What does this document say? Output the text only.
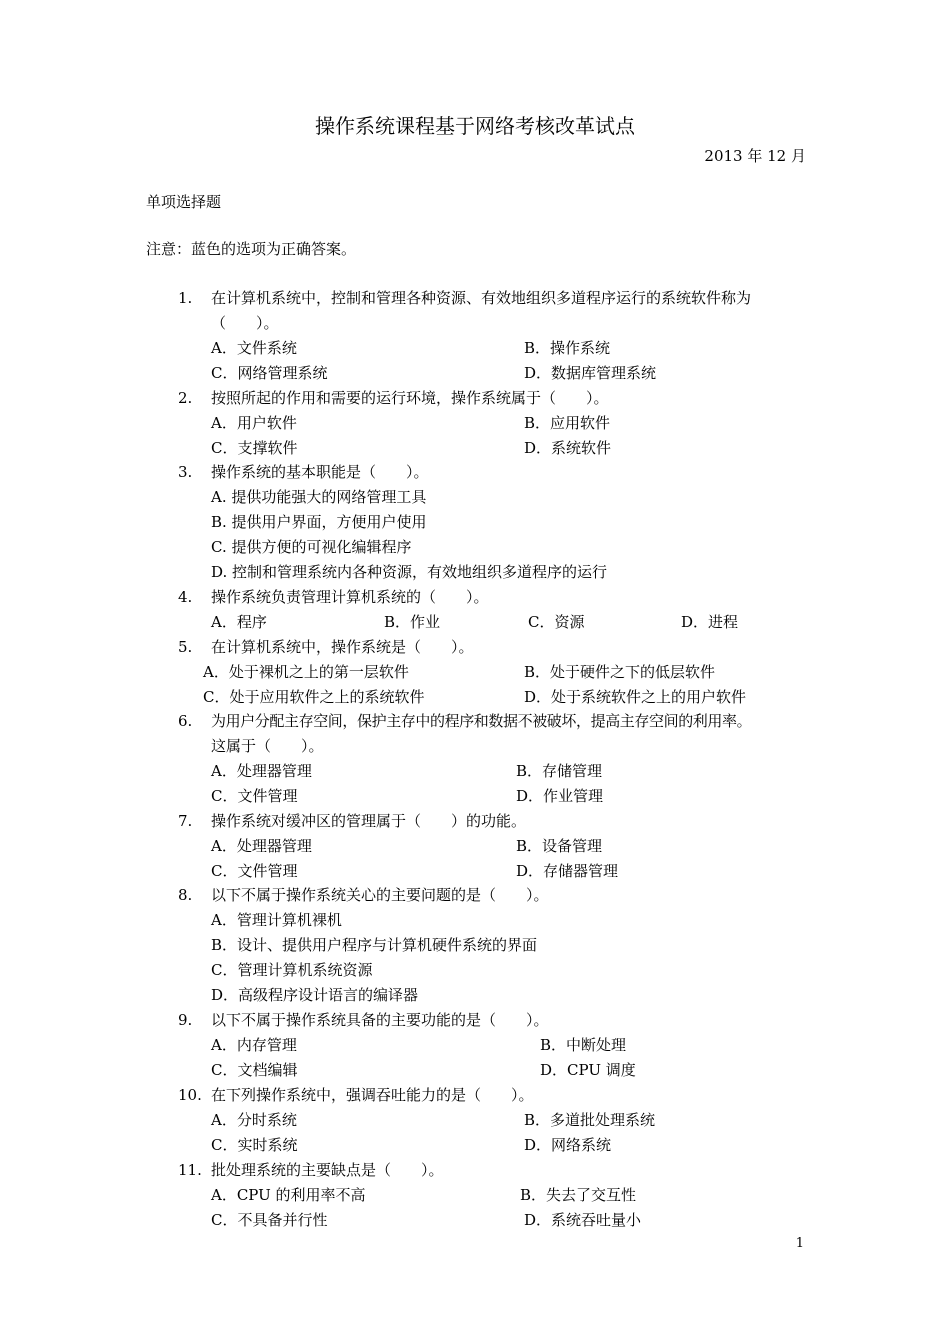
操作系统课程基于网络考核改革试点
2013 年 12 月
单项选择题
注意：蓝色的选项为正确答案。
1. 在计算机系统中，控制和管理各种资源、有效地组织多道程序运行的系统软件称为
（　　）。
A．文件系统	B．操作系统
C．网络管理系统	D．数据库管理系统
2. 按照所起的作用和需要的运行环境，操作系统属于（　　）。
A．用户软件	B．应用软件
C．支撑软件	D．系统软件
3. 操作系统的基本职能是（　　）。
A. 提供功能强大的网络管理工具
B. 提供用户界面，方便用户使用
C. 提供方便的可视化编辑程序
D. 控制和管理系统内各种资源，有效地组织多道程序的运行
4. 操作系统负责管理计算机系统的（　　）。
A．程序	B．作业	C．资源	D．进程
5. 在计算机系统中，操作系统是（　　）。
A．处于裸机之上的第一层软件	B．处于硬件之下的低层软件
C．处于应用软件之上的系统软件	D．处于系统软件之上的用户软件
6. 为用户分配主存空间，保护主存中的程序和数据不被破坏，提高主存空间的利用率。
这属于（　　）。
A．处理器管理	B．存储管理
C．文件管理	D．作业管理
7. 操作系统对缓冲区的管理属于（　　）的功能。
A．处理器管理	B．设备管理
C．文件管理	D．存储器管理
8. 以下不属于操作系统关心的主要问题的是（　　）。
A．管理计算机裸机
B．设计、提供用户程序与计算机硬件系统的界面
C．管理计算机系统资源
D．高级程序设计语言的编译器
9. 以下不属于操作系统具备的主要功能的是（　　）。
A．内存管理	B．中断处理
C．文档编辑	D．CPU 调度
10. 在下列操作系统中，强调吞吐能力的是（　　）。
A．分时系统	B．多道批处理系统
C．实时系统	D．网络系统
11. 批处理系统的主要缺点是（　　）。
A．CPU 的利用率不高	B．失去了交互性
C．不具备并行性	D．系统吞吐量小
1
